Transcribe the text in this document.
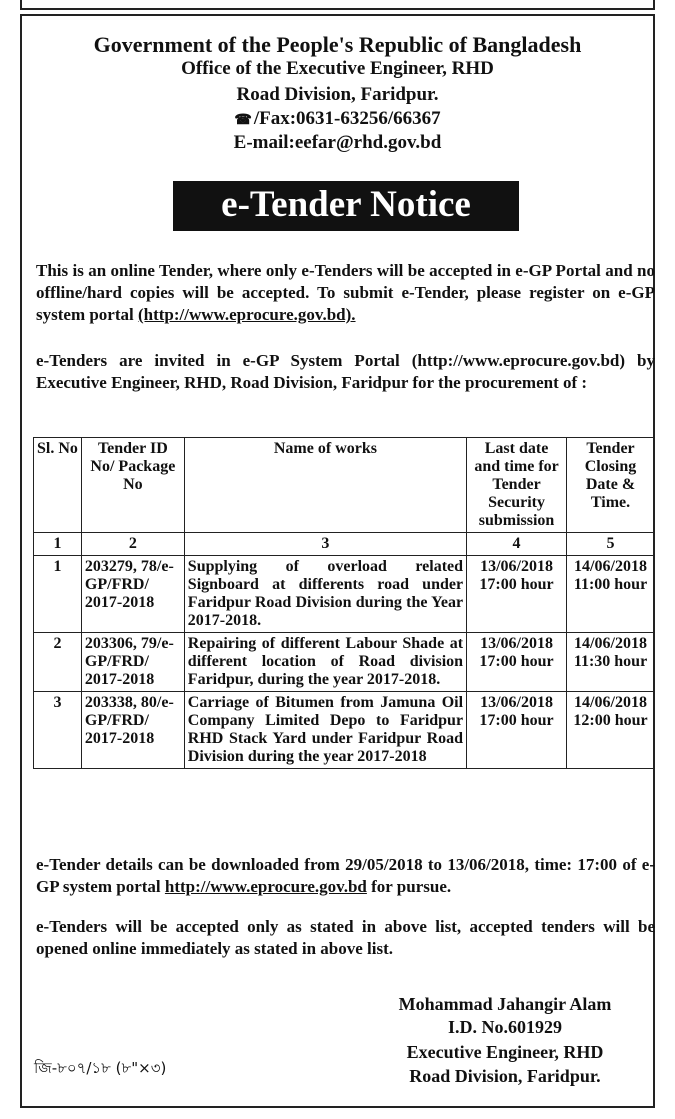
Government of the People's Republic of Bangladesh
Office of the Executive Engineer, RHD
Road Division, Faridpur.
☎ /Fax:0631-63256/66367
E-mail:eefar@rhd.gov.bd
e-Tender Notice
This is an online Tender, where only e-Tenders will be accepted in e-GP Portal and no offline/hard copies will be accepted. To submit e-Tender, please register on e-GP system portal (http://www.eprocure.gov.bd).
e-Tenders are invited in e-GP System Portal (http://www.eprocure.gov.bd) by Executive Engineer, RHD, Road Division, Faridpur for the procurement of :
Sl. No	Tender ID No/ Package No	Name of works	Last date and time for Tender Security submission	Tender Closing Date & Time.
1	2	3	4	5
1	203279, 78/e-GP/FRD/ 2017-2018	Supplying of overload related Signboard at differents road under Faridpur Road Division during the Year 2017-2018.	13/06/2018 17:00 hour	14/06/2018 11:00 hour
2	203306, 79/e-GP/FRD/ 2017-2018	Repairing of different Labour Shade at different location of Road division Faridpur, during the year 2017-2018.	13/06/2018 17:00 hour	14/06/2018 11:30 hour
3	203338, 80/e-GP/FRD/ 2017-2018	Carriage of Bitumen from Jamuna Oil Company Limited Depo to Faridpur RHD Stack Yard under Faridpur Road Division during the year 2017-2018	13/06/2018 17:00 hour	14/06/2018 12:00 hour
e-Tender details can be downloaded from 29/05/2018 to 13/06/2018, time: 17:00 of e-GP system portal http://www.eprocure.gov.bd for pursue.
e-Tenders will be accepted only as stated in above list, accepted tenders will be opened online immediately as stated in above list.
Mohammad Jahangir Alam
I.D. No.601929
Executive Engineer, RHD
Road Division, Faridpur.
জি-৮০৭/১৮ (৮"×৩)
